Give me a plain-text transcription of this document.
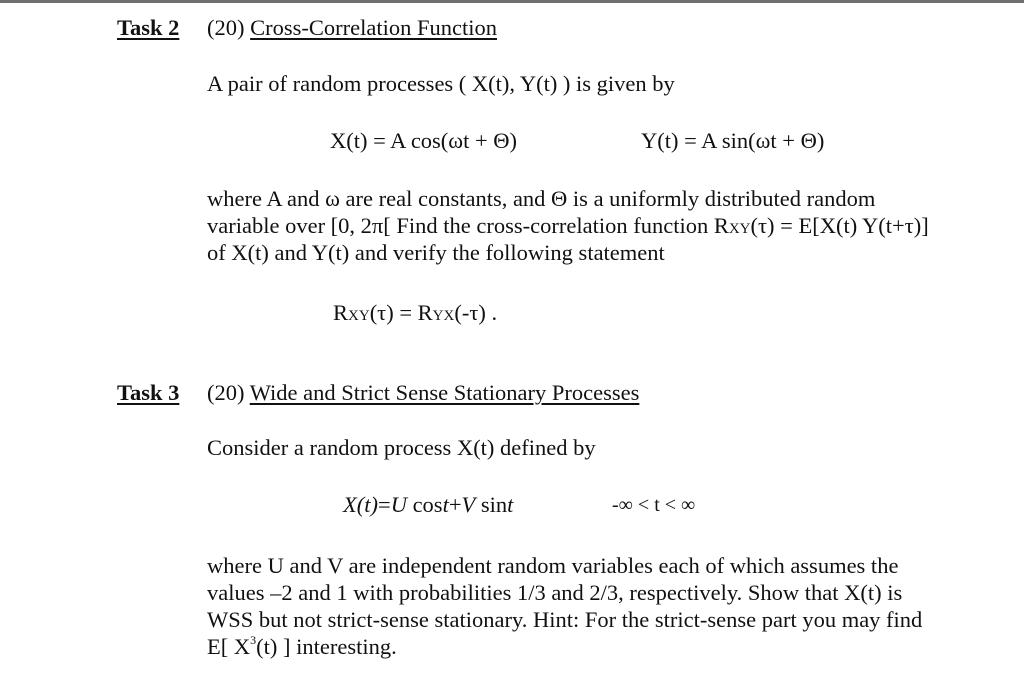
Task 2 (20) Cross-Correlation Function
A pair of random processes ( X(t), Y(t) ) is given by
X(t) = A cos(ωt + Θ)	Y(t) = A sin(ωt + Θ)
where A and ω are real constants, and Θ is a uniformly distributed random
variable over [0, 2π[ Find the cross-correlation function RXY(τ) = E[X(t) Y(t+τ)]
of X(t) and Y(t) and verify the following statement
RXY(τ) = RYX(-τ) .
Task 3 (20) Wide and Strict Sense Stationary Processes
Consider a random process X(t) defined by
X(t)=U cost+V sint	-∞ < t < ∞
where U and V are independent random variables each of which assumes the
values –2 and 1 with probabilities 1/3 and 2/3, respectively. Show that X(t) is
WSS but not strict-sense stationary. Hint: For the strict-sense part you may find
E[ $X^3(t)$ ] interesting.
